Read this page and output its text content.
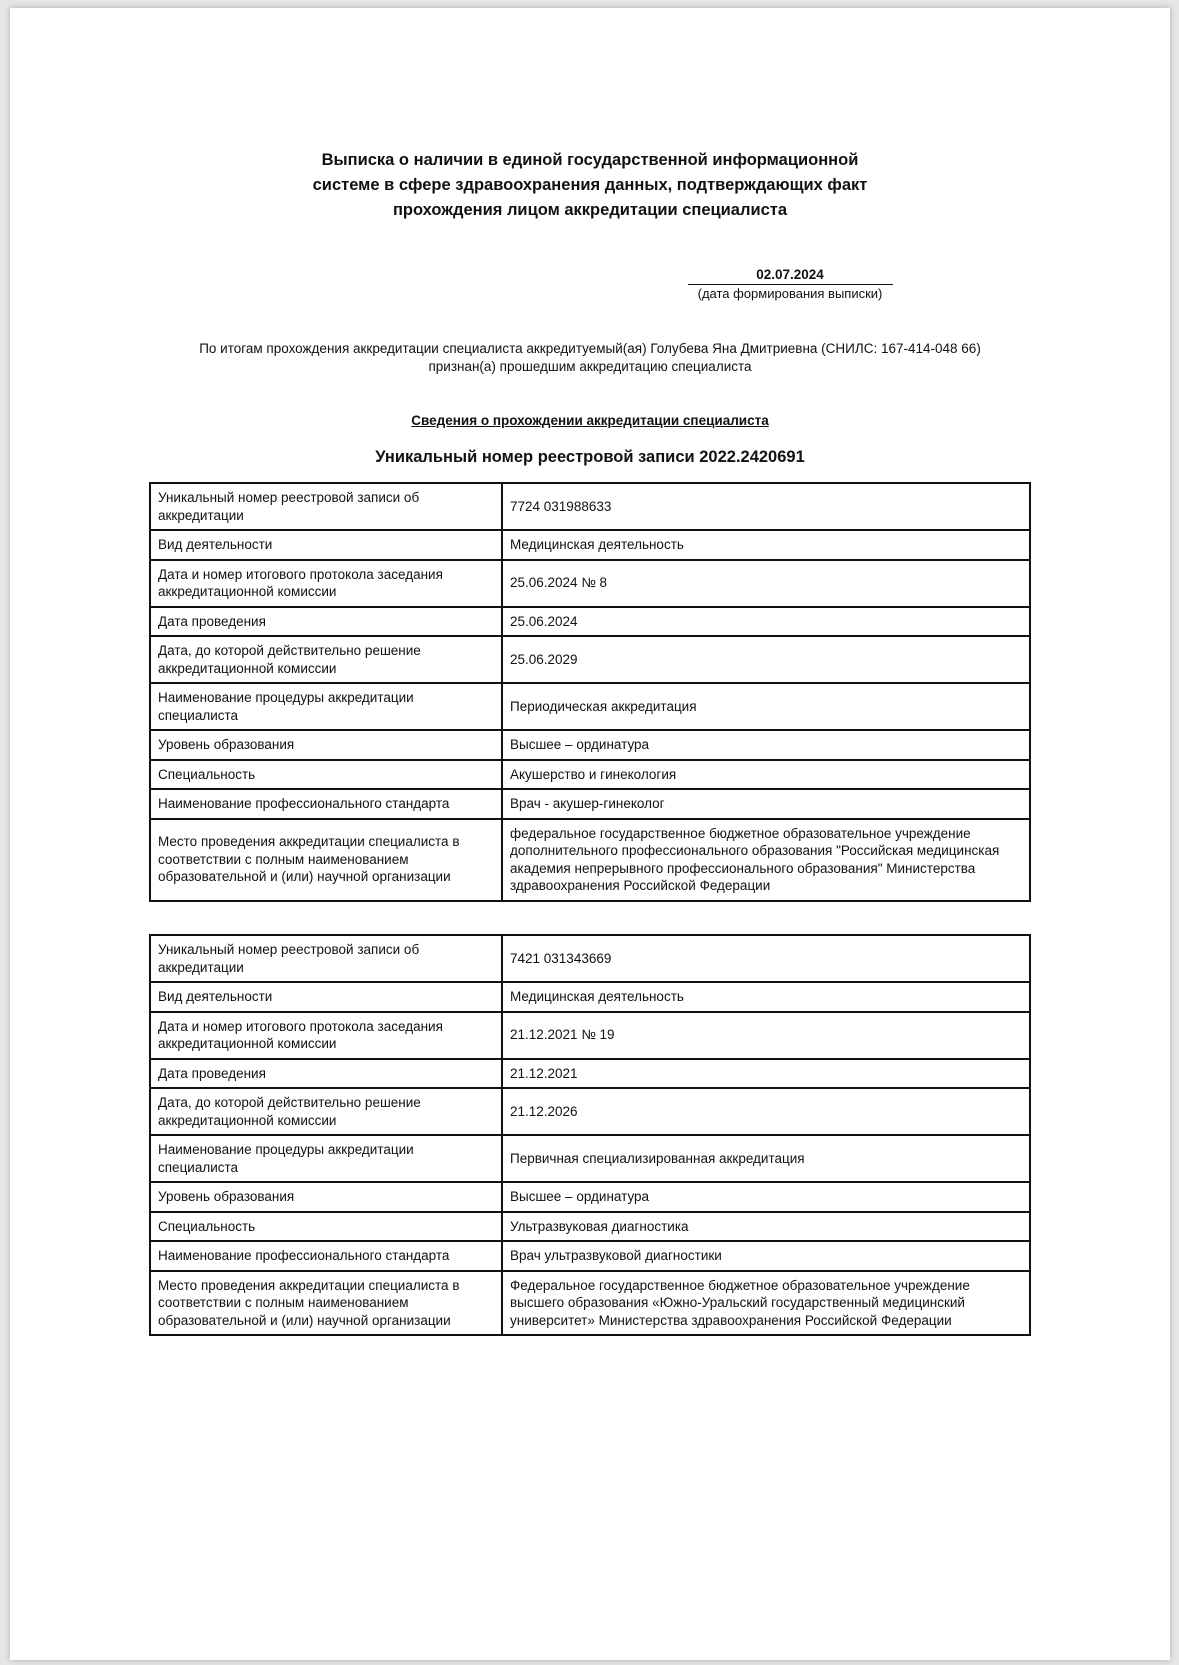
Выписка о наличии в единой государственной информационной
системе в сфере здравоохранения данных, подтверждающих факт
прохождения лицом аккредитации специалиста
02.07.2024
(дата формирования выписки)
По итогам прохождения аккредитации специалиста аккредитуемый(ая) Голубева Яна Дмитриевна (СНИЛС: 167-414-048 66)
признан(а) прошедшим аккредитацию специалиста
Сведения о прохождении аккредитации специалиста
Уникальный номер реестровой записи 2022.2420691
Уникальный номер реестровой записи об аккредитации	7724 031988633
Вид деятельности	Медицинская деятельность
Дата и номер итогового протокола заседания аккредитационной комиссии	25.06.2024 № 8
Дата проведения	25.06.2024
Дата, до которой действительно решение аккредитационной комиссии	25.06.2029
Наименование процедуры аккредитации специалиста	Периодическая аккредитация
Уровень образования	Высшее – ординатура
Специальность	Акушерство и гинекология
Наименование профессионального стандарта	Врач - акушер-гинеколог
Место проведения аккредитации специалиста в соответствии с полным наименованием образовательной и (или) научной организации	федеральное государственное бюджетное образовательное учреждение дополнительного профессионального образования "Российская медицинская академия непрерывного профессионального образования" Министерства здравоохранения Российской Федерации
Уникальный номер реестровой записи об аккредитации	7421 031343669
Вид деятельности	Медицинская деятельность
Дата и номер итогового протокола заседания аккредитационной комиссии	21.12.2021 № 19
Дата проведения	21.12.2021
Дата, до которой действительно решение аккредитационной комиссии	21.12.2026
Наименование процедуры аккредитации специалиста	Первичная специализированная аккредитация
Уровень образования	Высшее – ординатура
Специальность	Ультразвуковая диагностика
Наименование профессионального стандарта	Врач ультразвуковой диагностики
Место проведения аккредитации специалиста в соответствии с полным наименованием образовательной и (или) научной организации	Федеральное государственное бюджетное образовательное учреждение высшего образования «Южно-Уральский государственный медицинский университет» Министерства здравоохранения Российской Федерации
